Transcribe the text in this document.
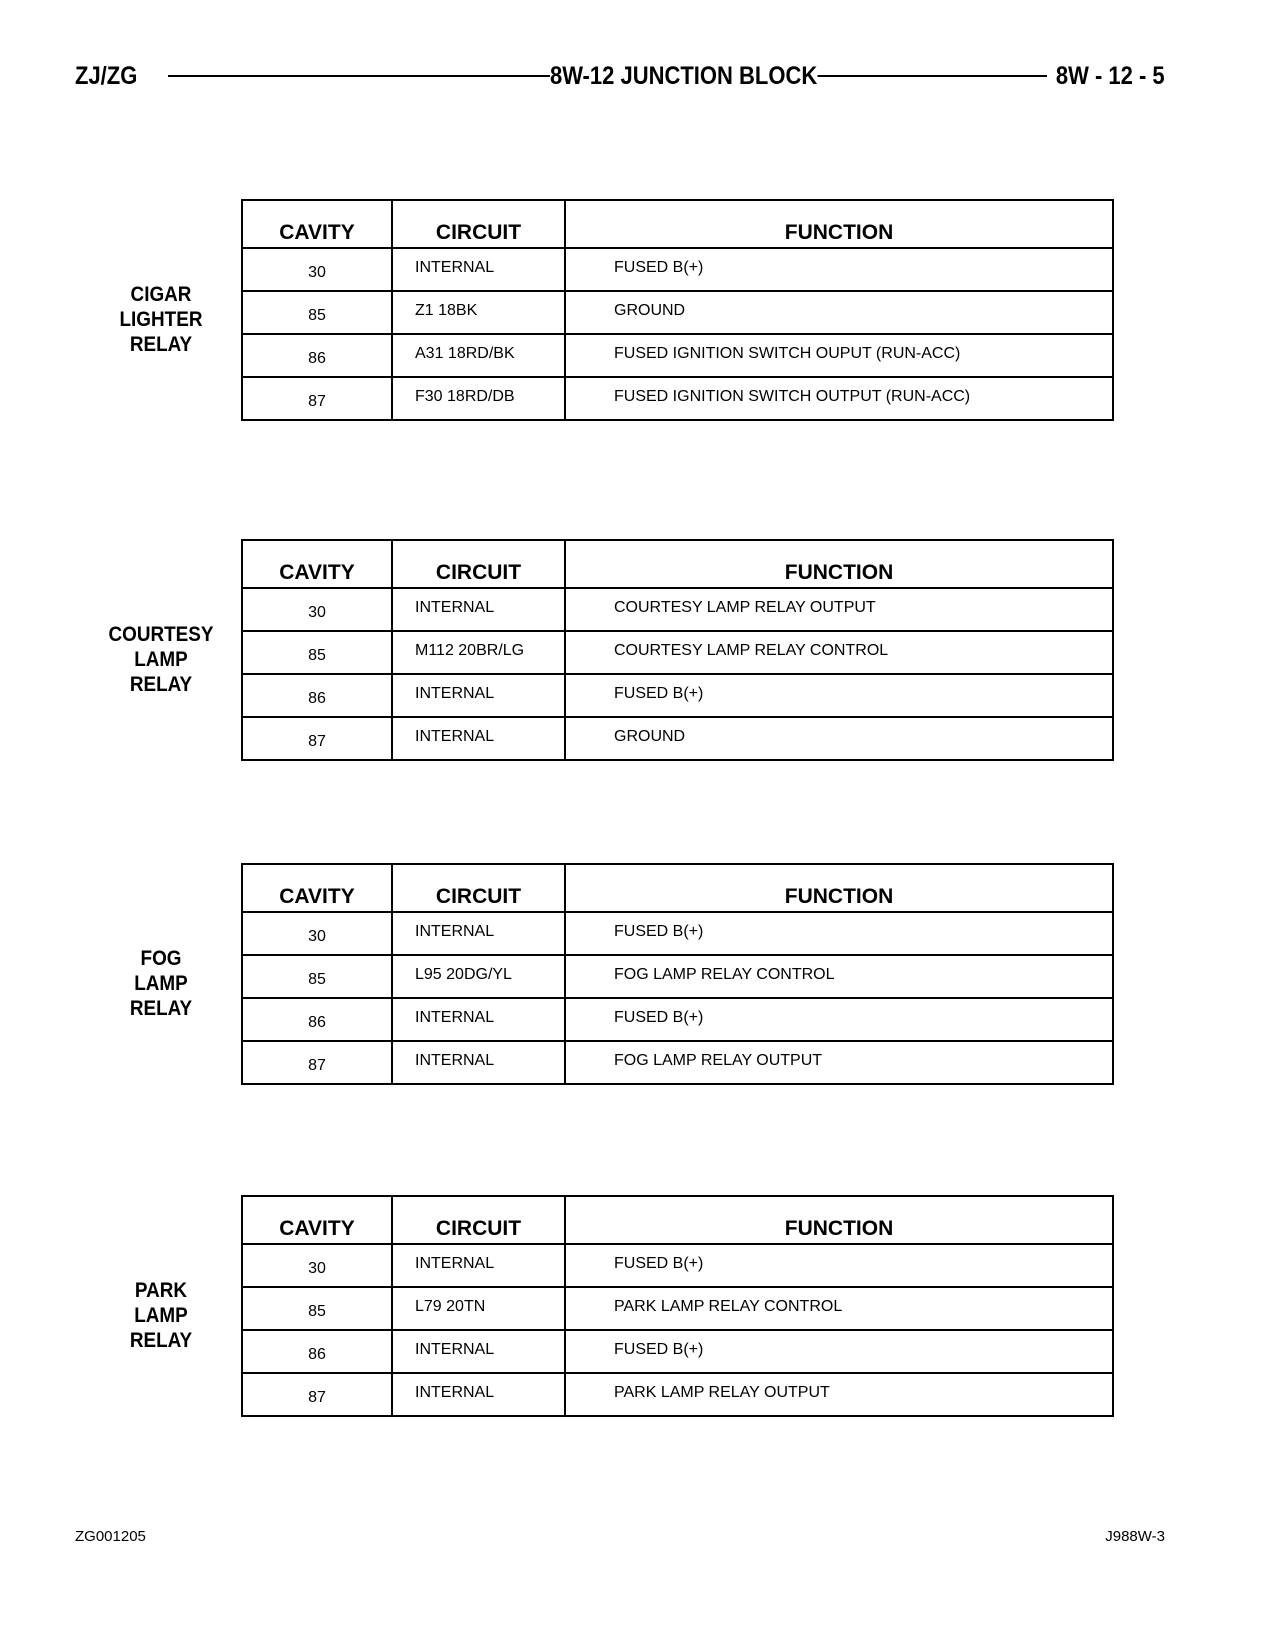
ZJ/ZG	8W-12 JUNCTION BLOCK	8W - 12 - 5
CIGAR
LIGHTER
RELAY
CAVITY	CIRCUIT	FUNCTION
30	INTERNAL	FUSED B(+)
85	Z1 18BK	GROUND
86	A31 18RD/BK	FUSED IGNITION SWITCH OUPUT (RUN-ACC)
87	F30 18RD/DB	FUSED IGNITION SWITCH OUTPUT (RUN-ACC)
COURTESY
LAMP
RELAY
CAVITY	CIRCUIT	FUNCTION
30	INTERNAL	COURTESY LAMP RELAY OUTPUT
85	M112 20BR/LG	COURTESY LAMP RELAY CONTROL
86	INTERNAL	FUSED B(+)
87	INTERNAL	GROUND
FOG
LAMP
RELAY
CAVITY	CIRCUIT	FUNCTION
30	INTERNAL	FUSED B(+)
85	L95 20DG/YL	FOG LAMP RELAY CONTROL
86	INTERNAL	FUSED B(+)
87	INTERNAL	FOG LAMP RELAY OUTPUT
PARK
LAMP
RELAY
CAVITY	CIRCUIT	FUNCTION
30	INTERNAL	FUSED B(+)
85	L79 20TN	PARK LAMP RELAY CONTROL
86	INTERNAL	FUSED B(+)
87	INTERNAL	PARK LAMP RELAY OUTPUT
ZG001205	J988W-3
